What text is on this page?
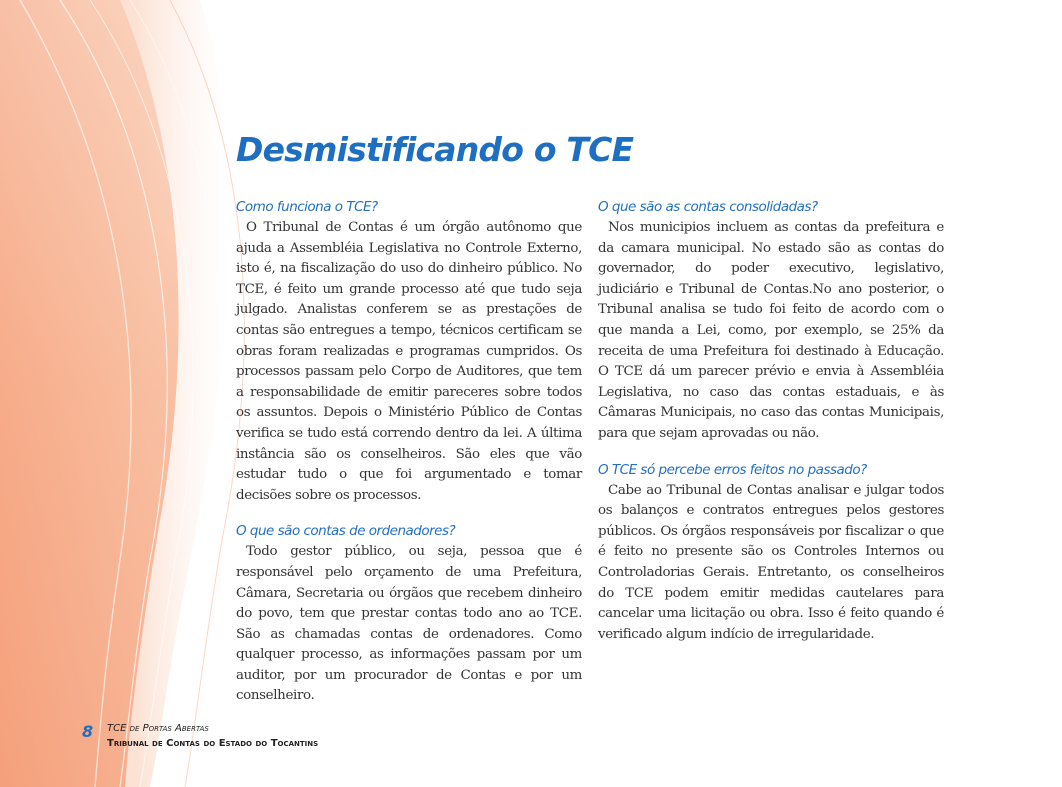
Desmistificando o TCE

Como funciona o TCE?

O Tribunal de Contas é um órgão autônomo que ajuda a Assembléia Legislativa no Controle Externo, isto é, na fiscalização do uso do dinheiro público. No TCE, é feito um grande processo até que tudo seja julgado. Analistas conferem se as prestações de contas são entregues a tempo, técnicos certificam se obras foram realizadas e programas cumpridos. Os processos passam pelo Corpo de Auditores, que tem a responsabilidade de emitir pareceres sobre todos os assuntos. Depois o Ministério Público de Contas verifica se tudo está correndo dentro da lei. A última instância são os conselheiros. São eles que vão estudar tudo o que foi argumentado e tomar decisões sobre os processos.

O que são contas de ordenadores?

Todo gestor público, ou seja, pessoa que é responsável pelo orçamento de uma Prefeitura, Câmara, Secretaria ou órgãos que recebem dinheiro do povo, tem que prestar contas todo ano ao TCE. São as chamadas contas de ordenadores. Como qualquer processo, as informações passam por um auditor, por um procurador de Contas e por um conselheiro.

O que são as contas consolidadas?

Nos municipios incluem as contas da prefeitura e da camara municipal. No estado são as contas do governador, do poder executivo, legislativo, judiciário e Tribunal de Contas.No ano posterior, o Tribunal analisa se tudo foi feito de acordo com o que manda a Lei, como, por exemplo, se 25% da receita de uma Prefeitura foi destinado à Educação. O TCE dá um parecer prévio e envia à Assembléia Legislativa, no caso das contas estaduais, e às Câmaras Municipais, no caso das contas Municipais, para que sejam aprovadas ou não.

O TCE só percebe erros feitos no passado?

Cabe ao Tribunal de Contas analisar e julgar todos os balanços e contratos entregues pelos gestores públicos. Os órgãos responsáveis por fiscalizar o que é feito no presente são os Controles Internos ou Controladorias Gerais. Entretanto, os conselheiros do TCE podem emitir medidas cautelares para cancelar uma licitação ou obra. Isso é feito quando é verificado algum indício de irregularidade.

8 TCE de Portas Abertas
Tribunal de Contas do Estado do Tocantins
